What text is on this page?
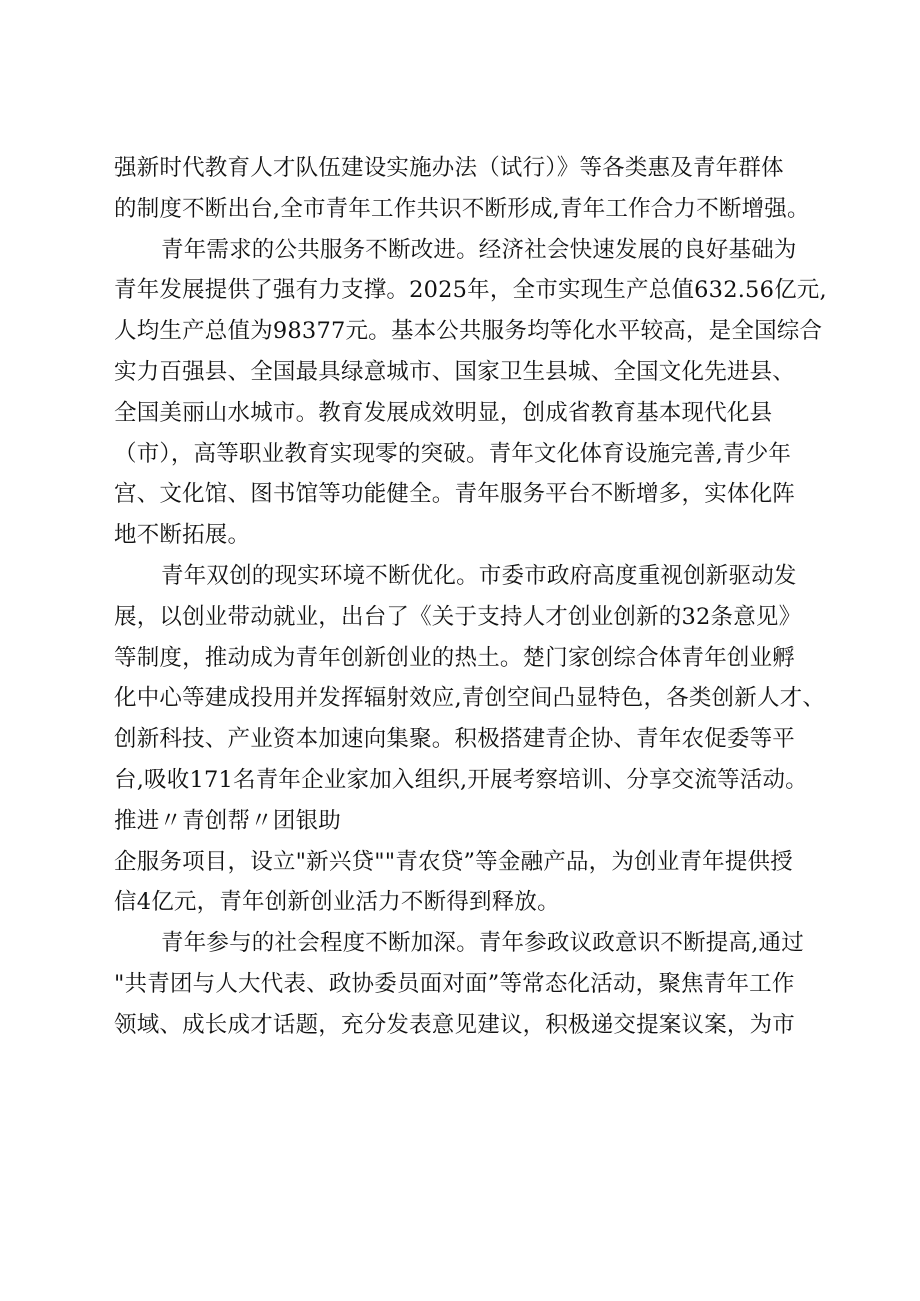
强新时代教育人才队伍建设实施办法（试行）》等各类惠及青年群体
的制度不断出台,全市青年工作共识不断形成,青年工作合力不断增强。
青年需求的公共服务不断改进。经济社会快速发展的良好基础为
青年发展提供了强有力支撑。2025年，全市实现生产总值632.56亿元,
人均生产总值为98377元。基本公共服务均等化水平较高，是全国综合
实力百强县、全国最具绿意城市、国家卫生县城、全国文化先进县、
全国美丽山水城市。教育发展成效明显，创成省教育基本现代化县
（市），高等职业教育实现零的突破。青年文化体育设施完善,青少年
宫、文化馆、图书馆等功能健全。青年服务平台不断增多，实体化阵
地不断拓展。
青年双创的现实环境不断优化。市委市政府高度重视创新驱动发
展，以创业带动就业，出台了《关于支持人才创业创新的32条意见》
等制度，推动成为青年创新创业的热土。楚门家创综合体青年创业孵
化中心等建成投用并发挥辐射效应,青创空间凸显特色，各类创新人才、
创新科技、产业资本加速向集聚。积极搭建青企协、青年农促委等平
台,吸收171名青年企业家加入组织,开展考察培训、分享交流等活动。
推进〃青创帮〃团银助
企服务项目，设立"新兴贷""青农贷”等金融产品，为创业青年提供授
信4亿元，青年创新创业活力不断得到释放。
青年参与的社会程度不断加深。青年参政议政意识不断提高,通过
"共青团与人大代表、政协委员面对面”等常态化活动，聚焦青年工作
领域、成长成才话题，充分发表意见建议，积极递交提案议案，为市
